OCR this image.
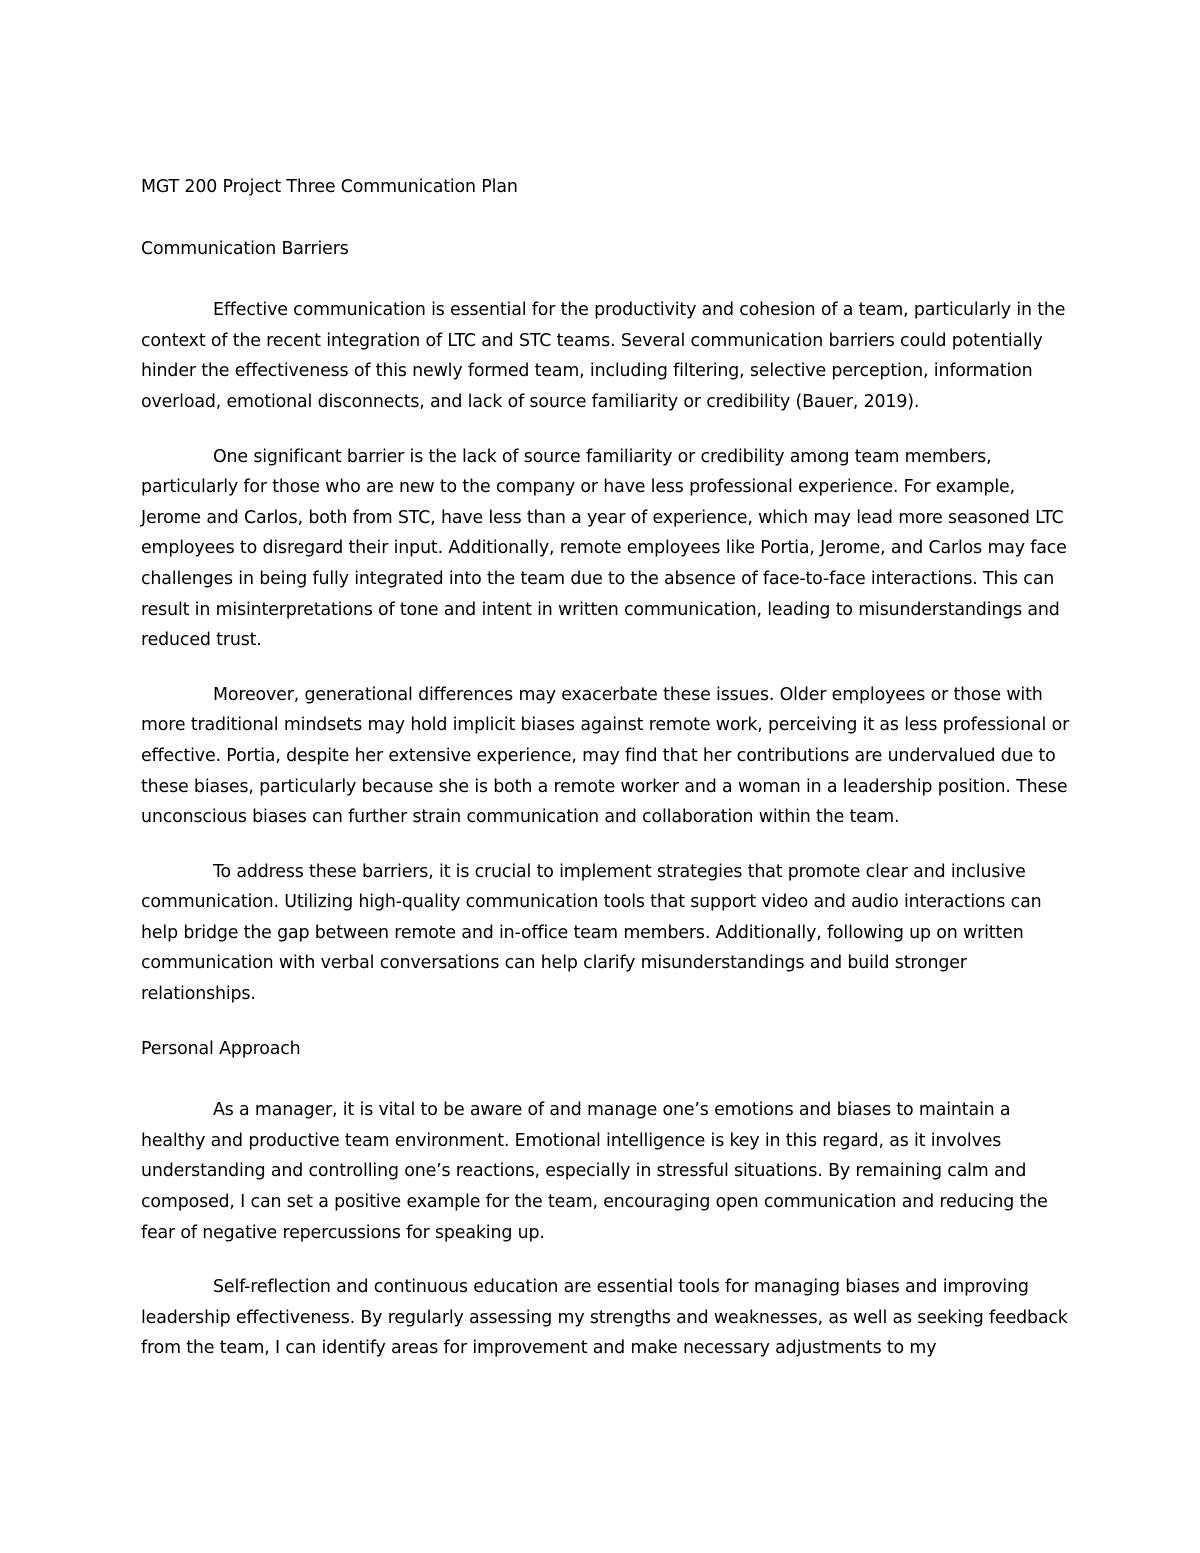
MGT 200 Project Three Communication Plan
Communication Barriers

Effective communication is essential for the productivity and cohesion of a team, particularly in the context of the recent integration of LTC and STC teams. Several communication barriers could potentially hinder the effectiveness of this newly formed team, including filtering, selective perception, information overload, emotional disconnects, and lack of source familiarity or credibility (Bauer, 2019).

One significant barrier is the lack of source familiarity or credibility among team members, particularly for those who are new to the company or have less professional experience. For example, Jerome and Carlos, both from STC, have less than a year of experience, which may lead more seasoned LTC employees to disregard their input. Additionally, remote employees like Portia, Jerome, and Carlos may face challenges in being fully integrated into the team due to the absence of face-to-face interactions. This can result in misinterpretations of tone and intent in written communication, leading to misunderstandings and reduced trust.

Moreover, generational differences may exacerbate these issues. Older employees or those with more traditional mindsets may hold implicit biases against remote work, perceiving it as less professional or effective. Portia, despite her extensive experience, may find that her contributions are undervalued due to these biases, particularly because she is both a remote worker and a woman in a leadership position. These unconscious biases can further strain communication and collaboration within the team.

To address these barriers, it is crucial to implement strategies that promote clear and inclusive communication. Utilizing high-quality communication tools that support video and audio interactions can help bridge the gap between remote and in-office team members. Additionally, following up on written communication with verbal conversations can help clarify misunderstandings and build stronger relationships.

Personal Approach

As a manager, it is vital to be aware of and manage one’s emotions and biases to maintain a healthy and productive team environment. Emotional intelligence is key in this regard, as it involves understanding and controlling one’s reactions, especially in stressful situations. By remaining calm and composed, I can set a positive example for the team, encouraging open communication and reducing the fear of negative repercussions for speaking up.

Self-reflection and continuous education are essential tools for managing biases and improving leadership effectiveness. By regularly assessing my strengths and weaknesses, as well as seeking feedback from the team, I can identify areas for improvement and make necessary adjustments to my
